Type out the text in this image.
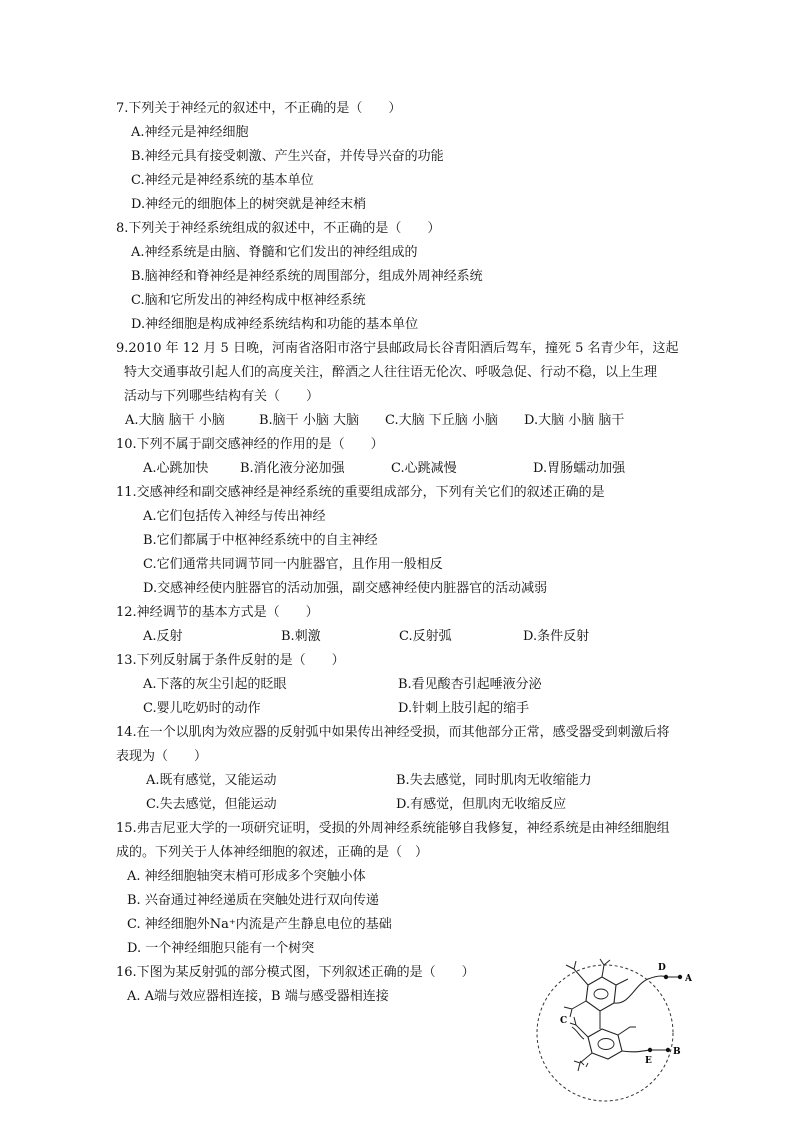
7.下列关于神经元的叙述中，不正确的是（　　）
A.神经元是神经细胞
B.神经元具有接受刺激、产生兴奋，并传导兴奋的功能
C.神经元是神经系统的基本单位
D.神经元的细胞体上的树突就是神经末梢
8.下列关于神经系统组成的叙述中，不正确的是（　　）
A.神经系统是由脑、脊髓和它们发出的神经组成的
B.脑神经和脊神经是神经系统的周围部分，组成外周神经系统
C.脑和它所发出的神经构成中枢神经系统
D.神经细胞是构成神经系统结构和功能的基本单位
9.2010 年 12 月 5 日晚，河南省洛阳市洛宁县邮政局长谷青阳酒后驾车，撞死 5 名青少年，这起
特大交通事故引起人们的高度关注，醉酒之人往往语无伦次、呼吸急促、行动不稳，以上生理
活动与下列哪些结构有关（　　）
A.大脑 脑干 小脑	B.脑干 小脑 大脑 C.大脑 下丘脑 小脑 D.大脑 小脑 脑干
10.下列不属于副交感神经的作用的是（　　）
A.心跳加快 B.消化液分泌加强	C.心跳减慢	D.胃肠蠕动加强
11.交感神经和副交感神经是神经系统的重要组成部分，下列有关它们的叙述正确的是
A.它们包括传入神经与传出神经
B.它们都属于中枢神经系统中的自主神经
C.它们通常共同调节同一内脏器官，且作用一般相反
D.交感神经使内脏器官的活动加强，副交感神经使内脏器官的活动减弱
12.神经调节的基本方式是（　　）
A.反射	B.刺激	C.反射弧	D.条件反射
13.下列反射属于条件反射的是（　　）
A.下落的灰尘引起的眨眼	B.看见酸杏引起唾液分泌
C.婴儿吃奶时的动作	D.针刺上肢引起的缩手
14.在一个以肌肉为效应器的反射弧中如果传出神经受损，而其他部分正常，感受器受到刺激后将
表现为（　　）
A.既有感觉，又能运动	B.失去感觉，同时肌肉无收缩能力
C.失去感觉，但能运动	D.有感觉，但肌肉无收缩反应
15.弗吉尼亚大学的一项研究证明，受损的外周神经系统能够自我修复，神经系统是由神经细胞组
成的。下列关于人体神经细胞的叙述，正确的是（　）
A. 神经细胞轴突末梢可形成多个突触小体
B. 兴奋通过神经递质在突触处进行双向传递
C. 神经细胞外Na⁺内流是产生静息电位的基础
D. 一个神经细胞只能有一个树突
16.下图为某反射弧的部分模式图，下列叙述正确的是（　　）
A. A端与效应器相连接，B 端与感受器相连接
D
A
C
E
B
